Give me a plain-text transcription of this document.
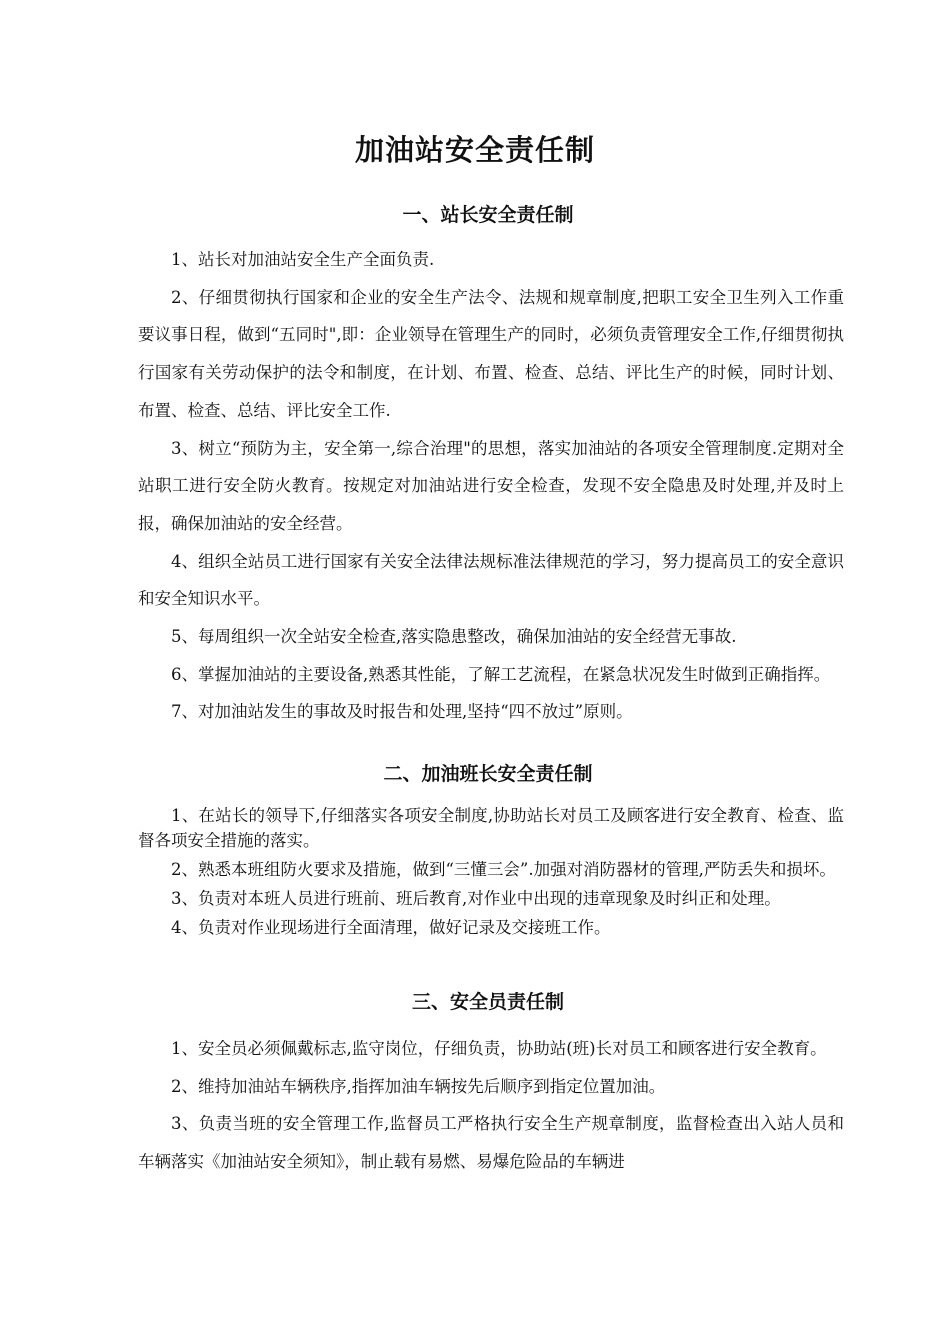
加油站安全责任制
一、站长安全责任制

1、站长对加油站安全生产全面负责.

2、仔细贯彻执行国家和企业的安全生产法令、法规和规章制度,把职工安全卫生列入工作重要议事日程，做到“五同时",即：企业领导在管理生产的同时，必须负责管理安全工作,仔细贯彻执行国家有关劳动保护的法令和制度，在计划、布置、检查、总结、评比生产的时候，同时计划、布置、检查、总结、评比安全工作.

3、树立“预防为主，安全第一,综合治理"的思想，落实加油站的各项安全管理制度.定期对全站职工进行安全防火教育。按规定对加油站进行安全检查，发现不安全隐患及时处理,并及时上报，确保加油站的安全经营。

4、组织全站员工进行国家有关安全法律法规标准法律规范的学习，努力提高员工的安全意识和安全知识水平。

5、每周组织一次全站安全检查,落实隐患整改，确保加油站的安全经营无事故.

6、掌握加油站的主要设备,熟悉其性能，了解工艺流程，在紧急状况发生时做到正确指挥。

7、对加油站发生的事故及时报告和处理,坚持“四不放过”原则。

二、加油班长安全责任制

1、在站长的领导下,仔细落实各项安全制度,协助站长对员工及顾客进行安全教育、检查、监督各项安全措施的落实。

2、熟悉本班组防火要求及措施，做到“三懂三会”.加强对消防器材的管理,严防丢失和损坏。

3、负责对本班人员进行班前、班后教育,对作业中出现的违章现象及时纠正和处理。

4、负责对作业现场进行全面清理，做好记录及交接班工作。

三、安全员责任制

1、安全员必须佩戴标志,监守岗位，仔细负责，协助站(班)长对员工和顾客进行安全教育。

2、维持加油站车辆秩序,指挥加油车辆按先后顺序到指定位置加油。

3、负责当班的安全管理工作,监督员工严格执行安全生产规章制度，监督检查出入站人员和车辆落实《加油站安全须知》，制止载有易燃、易爆危险品的车辆进
